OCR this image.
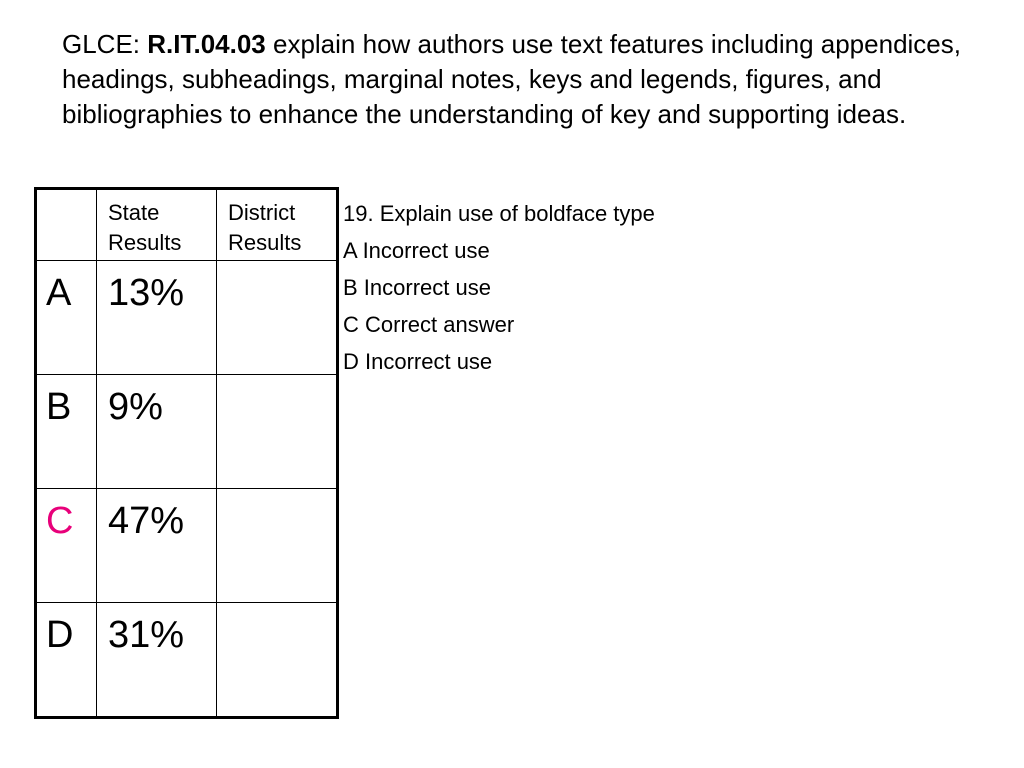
GLCE: R.IT.04.03 explain how authors use text features including appendices, headings, subheadings, marginal notes, keys and legends, figures, and bibliographies to enhance the understanding of key and supporting ideas.

	State Results	District Results

A	13%	

B	9%	

C	47%	

D	31%	

19. Explain use of boldface type
A Incorrect use
B Incorrect use
C Correct answer
D Incorrect use
